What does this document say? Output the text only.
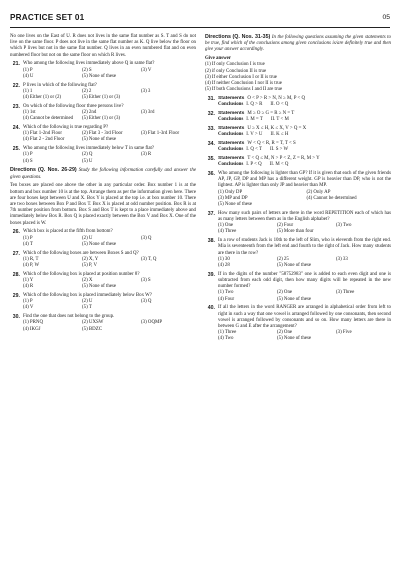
PRACTICE SET 01	05

No one lives on the East of U. R does not lives in the same flat number as S. T and S do not live on the same floor. P does not live in the same flat number as K. Q live below the floor on which P lives but not in the same flat number. Q lives in an even numbered flat and on even numbered floor but not on the same floor on which R lives.

21. Who among the following lives immediately above Q in same flat?
(1) P	(2) S	(3) V
(4) U	(5) None of these
22. P lives in which of the following flat?
(1) 1	(2) 2	(3) 3
(4) Either (1) or (2)	(5) Either (1) or (3)
23. On which of the following floor three persons live?
(1) 1st	(2) 2nd	(3) 3rd
(4) Cannot be determined	(5) Either (1) or (3)
24. Which of the following is true regarding P?
(1) Flat 1-2nd Floor	(2) Flat 3 - 3rd Floor	(3) Flat 1-3rd Floor
(4) Flat 2 - 2nd Floor	(5) None of these
25. Who among the following lives immediately below T in same flat?
(1) P	(2) Q	(3) R
(4) S	(5) U

Directions (Q. Nos. 26-29) Study the following information carefully and answer the given questions.

Ten boxes are placed one above the other in any particular order. Box number 1 is at the bottom and box number 10 is at the top. Arrange them as per the information given here. There are four boxes kept between U and X. Box Y is placed at the top i.e. at box number 10. There are two boxes between Box P and Box T. Box X is placed at odd number position. Box R is at 7th number position from bottom. Box S and Box T is kept to a place immediately above and immediately below Box R. Box Q is placed exactly between the Box V and Box X. One of the boxes placed is W.

26. Which box is placed at the fifth from bottom?
(1) P	(2) U	(3) Q
(4) T	(5) None of these
27. Which of the following boxes are between Boxes S and Q?
(1) R, T	(2) X, Y	(3) T, Q
(4) P, W	(5) P, V
28. Which of the following box is placed at position number 8?
(1) Y	(2) X	(3) S
(4) R	(5) None of these
29. Which of the following box is placed immediately below Box W?
(1) P	(2) U	(3) Q
(4) V	(5) T
30. Find the one that does not belong to the group.
(1) PRNQ	(2) UXSW	(3) OQMP
(4) IKGJ	(5) BDZC

Directions (Q. Nos. 31-35) In the following questions assuming the given statements to be true, find which of the conclusions among given conclusions is/are definitely true and then give your answer accordingly.

Give answer
(1) If only Conclusion I is true
(2) if only Conclusion II is true
(3) If either Conclusion I or II is true
(4) If neither Conclusion I nor II is true
(5) If both Conclusions I and II are true
31. Statements O < P > R > N, N ≥ M, P < Q
Conclusions I. Q > R II. O < Q
32. Statements M ≥ O ≥ G = R ≥ N = T
Conclusions I. M = T II. T < M
33. Statements U ≥ X ≤ H, K ≤ X, V > Q = X
Conclusions I. V > U II. K ≤ H
34. Statements W < Q < R, R = T, T < S
Conclusions I. Q < T II. S > W
35. Statements T < Q ≤ M, N > P < Z, Z = R, M > Y
Conclusions I. P < Q II. M < Q
36. Who among the following is lighter than GP? If it is given that each of the given friends AP, JP, GP, DP and MP has a different weight. GP is heavier than DP, who is not the lightest. AP is lighter than only JP and heavier than MP.
(1) Only DP	(2) Only AP
(3) MP and DP	(4) Cannot be determined
(5) None of these
37. How many such pairs of letters are there in the word REPETITION each of which has as many letters between them as in the English alphabet?
(1) One	(2) Four	(3) Two
(4) Three	(5) More than four
38. In a row of students Jack is 10th to the left of Slim, who is eleventh from the right end. Mia is seventeenth from the left end and fourth to the right of Jack. How many students are there in the row?
(1) 30	(2) 25	(3) 33
(4) 28	(5) None of these
39. If in the digits of the number "58752983" one is added to each even digit and one is subtracted from each odd digit, then how many digits will be repeated in the new number formed?
(1) Two	(2) One	(3) Three
(4) Four	(5) None of these
40. If all the letters in the word RANGER are arranged in alphabetical order from left to right in such a way that one vowel is arranged followed by one consonants, then second vowel is arranged followed by consonants and so on. How many letters are there in between G and E after the arrangement?
(1) Three	(2) One	(3) Five
(4) Two	(5) None of these
